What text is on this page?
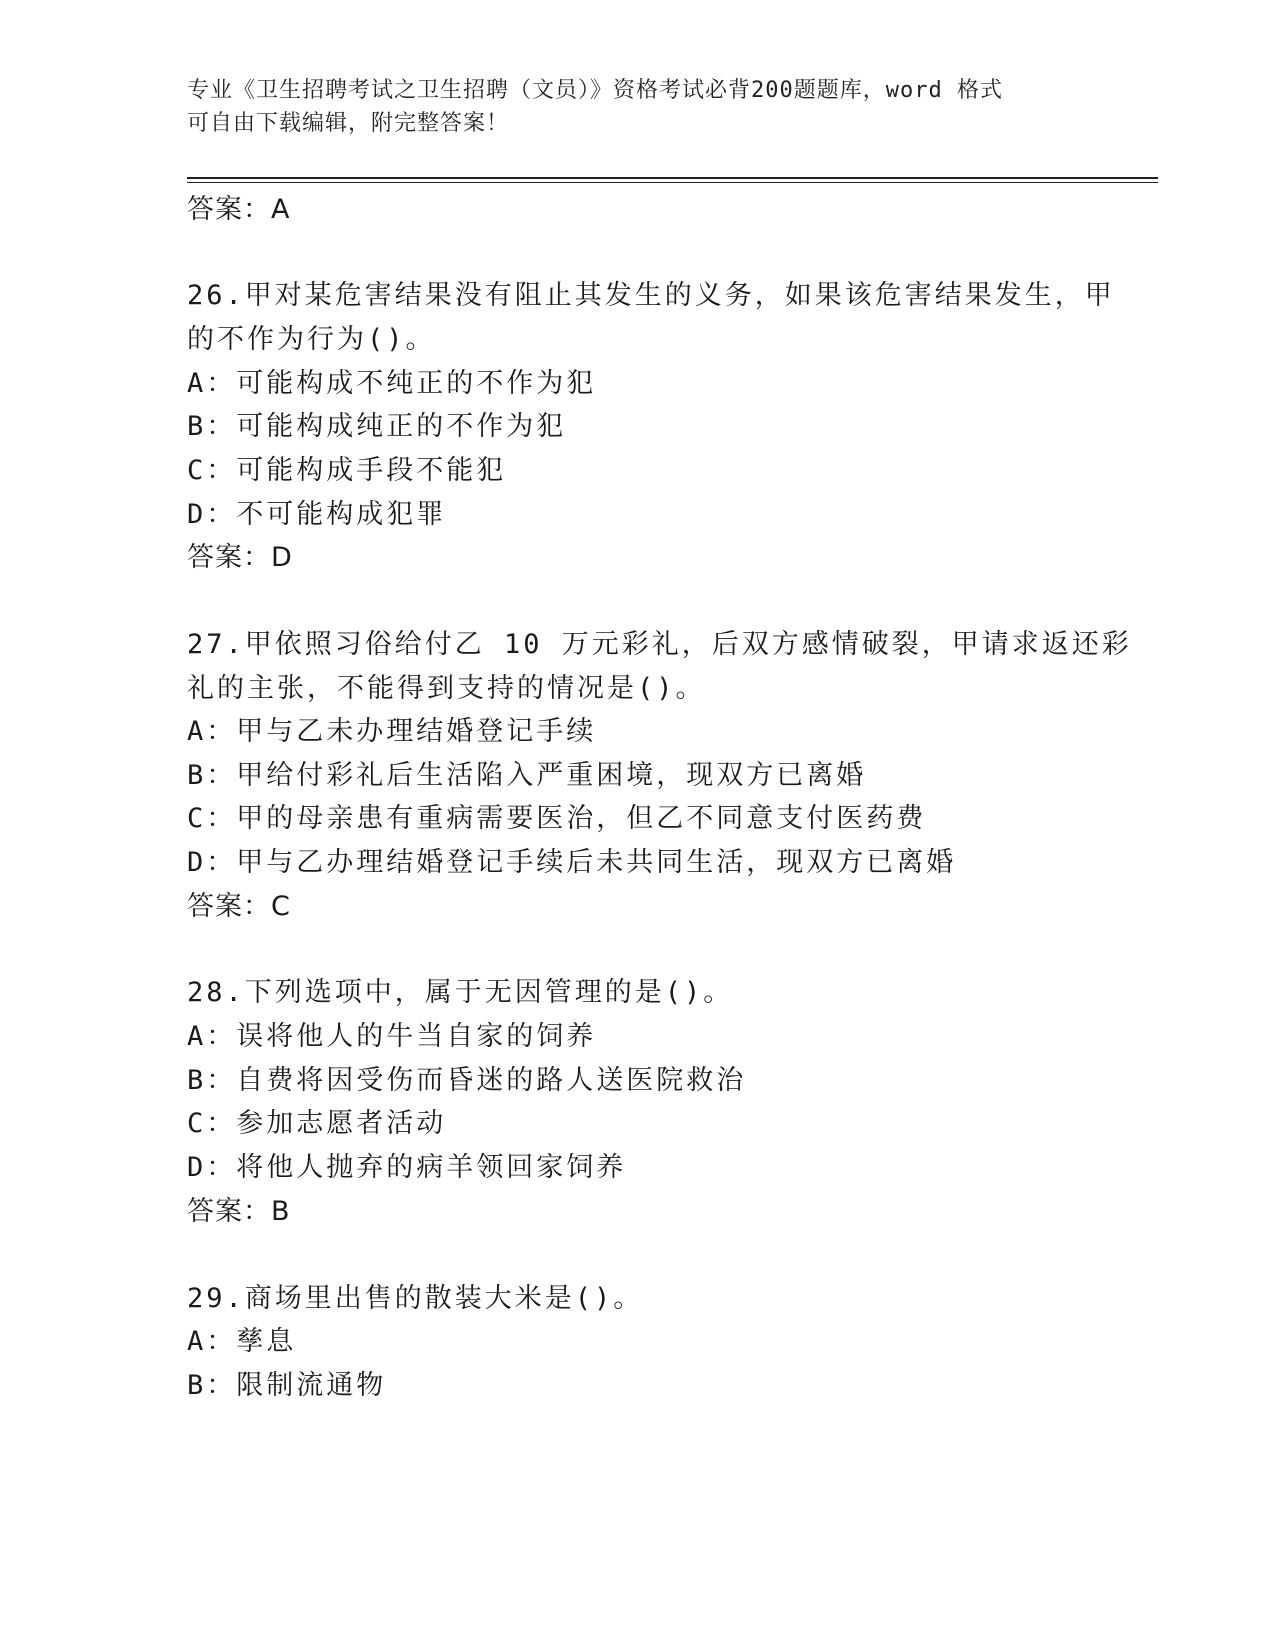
专业《卫生招聘考试之卫生招聘（文员）》资格考试必背200题题库，word 格式
可自由下载编辑，附完整答案！
答案：A
26.甲对某危害结果没有阻止其发生的义务，如果该危害结果发生，甲
的不作为行为()。
A：可能构成不纯正的不作为犯
B：可能构成纯正的不作为犯
C：可能构成手段不能犯
D：不可能构成犯罪
答案：D
27.甲依照习俗给付乙 10 万元彩礼，后双方感情破裂，甲请求返还彩
礼的主张，不能得到支持的情况是()。
A：甲与乙未办理结婚登记手续
B：甲给付彩礼后生活陷入严重困境，现双方已离婚
C：甲的母亲患有重病需要医治，但乙不同意支付医药费
D：甲与乙办理结婚登记手续后未共同生活，现双方已离婚
答案：C
28.下列选项中，属于无因管理的是()。
A：误将他人的牛当自家的饲养
B：自费将因受伤而昏迷的路人送医院救治
C：参加志愿者活动
D：将他人抛弃的病羊领回家饲养
答案：B
29.商场里出售的散装大米是()。
A：孳息
B：限制流通物
